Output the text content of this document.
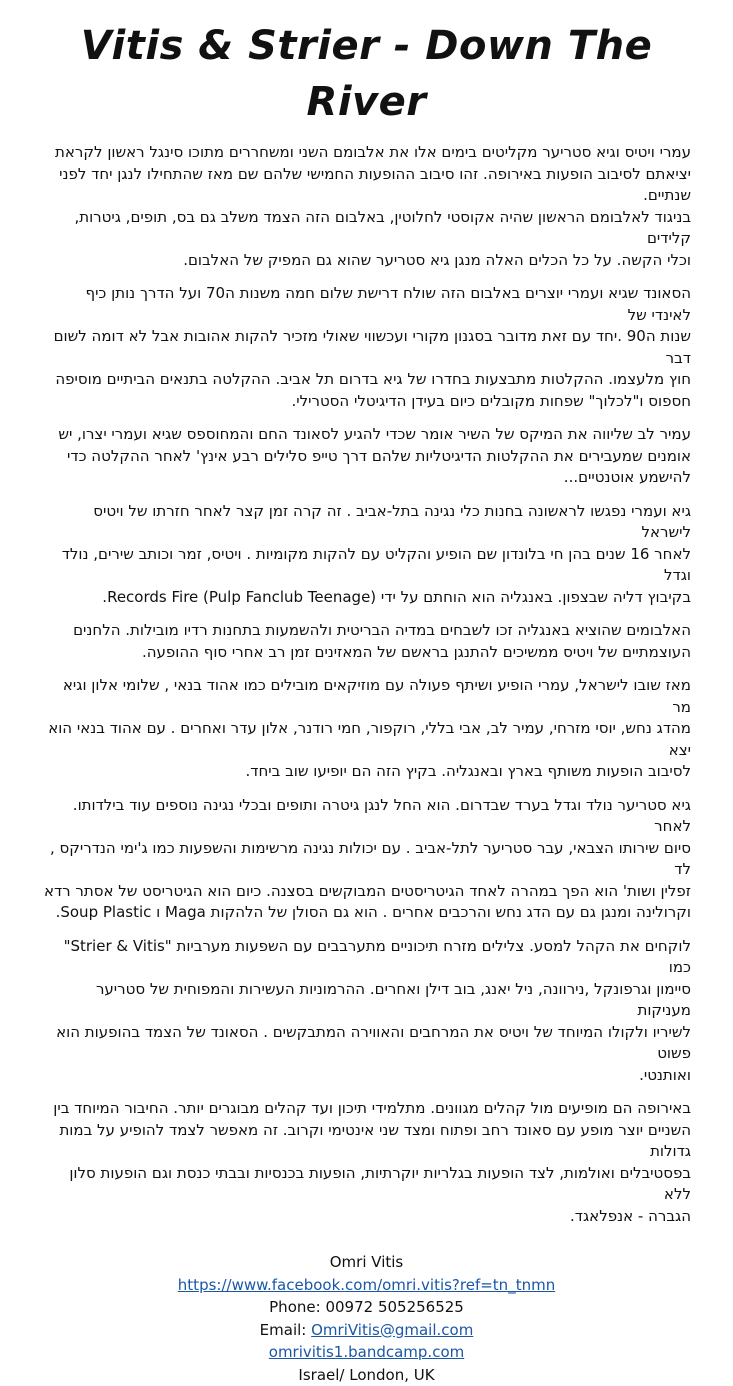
Vitis & Strier - Down The River

עמרי ויטיס וגיא סטריער מקליטים בימים אלו את אלבומם השני ומשחררים מתוכו סינגל ראשון לקראת
יציאתם לסיבוב הופעות באירופה. זהו סיבוב ההופעות החמישי שלהם שם מאז שהתחילו לנגן יחד לפני
שנתיים.
בניגוד לאלבומם הראשון שהיה אקוסטי לחלוטין, באלבום הזה הצמד משלב גם בס, תופים, גיטרות, קלידים
וכלי הקשה. על כל הכלים האלה מנגן גיא סטריער שהוא גם המפיק של האלבום.

הסאונד שגיא ועמרי יוצרים באלבום הזה שולח דרישת שלום חמה משנות ה70 ועל הדרך נותן כיף לאינדי של
שנות ה90 .יחד עם זאת מדובר בסגנון מקורי ועכשווי שאולי מזכיר להקות אהובות אבל לא דומה לשום דבר
חוץ מלעצמו. ההקלטות מתבצעות בחדרו של גיא בדרום תל אביב. ההקלטה בתנאים הביתיים מוסיפה
חספוס ו"לכלוך" שפחות מקובלים כיום בעידן הדיגיטלי הסטרילי.

עמיר לב שליווה את המיקס של השיר אומר שכדי להגיע לסאונד החם והמחוספס שגיא ועמרי יצרו, יש
אומנים שמעבירים את ההקלטות הדיגיטליות שלהם דרך טייפ סלילים רבע אינץ' לאחר ההקלטה כדי
להישמע אוטנטיים...

גיא ועמרי נפגשו לראשונה בחנות כלי נגינה בתל-אביב . זה קרה זמן קצר לאחר חזרתו של ויטיס לישראל
לאחר 16 שנים בהן חי בלונדון שם הופיע והקליט עם להקות מקומיות . ויטיס, זמר וכותב שירים, נולד וגדל
בקיבוץ דליה שבצפון. באנגליה הוא הוחתם על ידי Records Fire (Pulp Fanclub Teenage).

האלבומים שהוציא באנגליה זכו לשבחים במדיה הבריטית ולהשמעות בתחנות רדיו מובילות. הלחנים
העוצמתיים של ויטיס ממשיכים להתנגן בראשם של המאזינים זמן רב אחרי סוף ההופעה.

מאז שובו לישראל, עמרי הופיע ושיתף פעולה עם מוזיקאים מובילים כמו אהוד בנאי , שלומי אלון וגיא מר
מהדג נחש, יוסי מזרחי, עמיר לב, אבי בללי, רוקפור, חמי רודנר, אלון עדר ואחרים . עם אהוד בנאי הוא יצא
לסיבוב הופעות משותף בארץ ובאנגליה. בקיץ הזה הם יופיעו שוב ביחד.

גיא סטריער נולד וגדל בערד שבדרום. הוא החל לנגן גיטרה ותופים ובכלי נגינה נוספים עוד בילדותו. לאחר
סיום שירותו הצבאי, עבר סטריער לתל-אביב . עם יכולות נגינה מרשימות והשפעות כמו ג'ימי הנדריקס , לד
זפלין ושות' הוא הפך במהרה לאחד הגיטריסטים המבוקשים בסצנה. כיום הוא הגיטריסט של אסתר רדא
וקרולינה ומנגן גם עם הדג נחש והרכבים אחרים . הוא גם הסולן של הלהקות Maga ו Soup Plastic.

"Strier & Vitis" לוקחים את הקהל למסע. צלילים מזרח תיכוניים מתערבבים עם השפעות מערביות כמו
סיימון וגרפונקל ,נירוונה, ניל יאנג, בוב דילן ואחרים. ההרמוניות העשירות והמפוחית של סטריער מעניקות
לשיריו ולקולו המיוחד של ויטיס את המרחבים והאווירה המתבקשים . הסאונד של הצמד בהופעות הוא פשוט
ואותנטי.

באירופה הם מופיעים מול קהלים מגוונים. מתלמידי תיכון ועד קהלים מבוגרים יותר. החיבור המיוחד בין
השניים יוצר מופע עם סאונד רחב ופתוח ומצד שני אינטימי וקרוב. זה מאפשר לצמד להופיע על במות גדולות
בפסטיבלים ואולמות, לצד הופעות בגלריות יוקרתיות, הופעות בכנסיות ובבתי כנסת וגם הופעות סלון ללא
הגברה - אנפלאגד.

Omri Vitis
https://www.facebook.com/omri.vitis?ref=tn_tnmn
Phone: 00972 505256525
Email: OmriVitis@gmail.com
omrivitis1.bandcamp.com
Israel/ London, UK
